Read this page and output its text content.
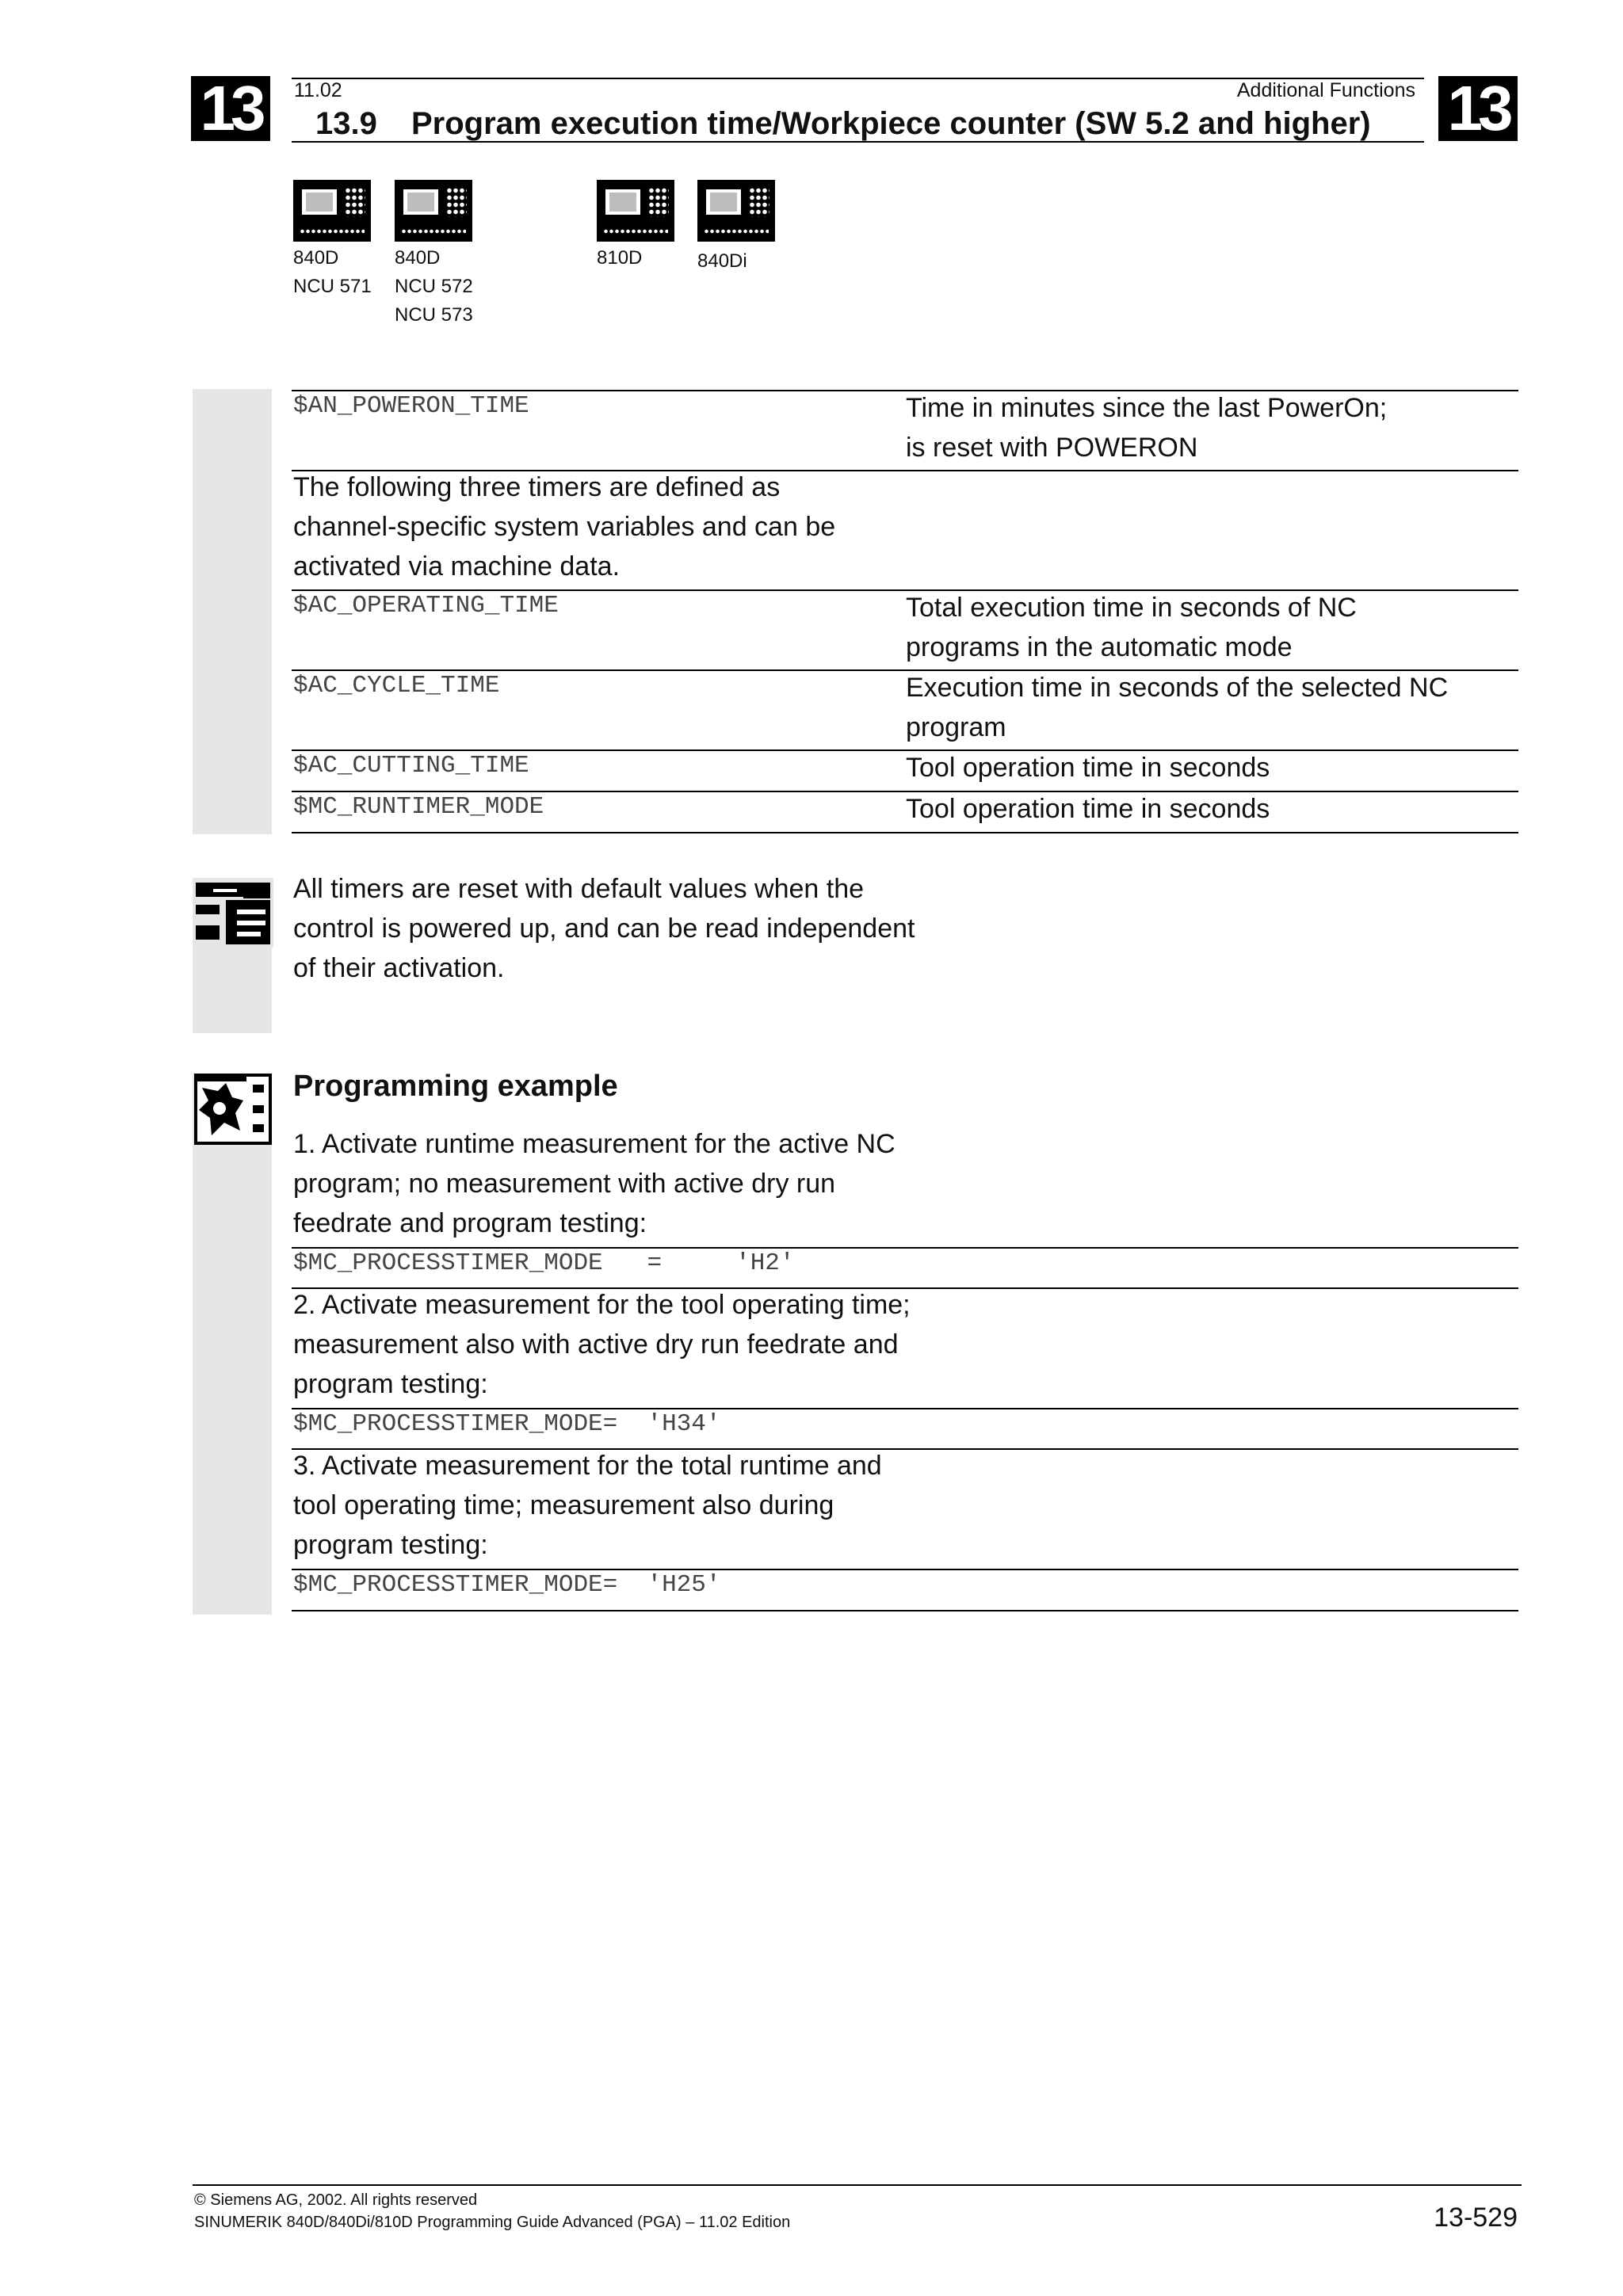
13	13
11.02	Additional Functions
13.9 Program execution time/Workpiece counter (SW 5.2 and higher)
840D
NCU 571
840D
NCU 572
NCU 573
810D	840Di
$AN_POWERON_TIME	Time in minutes since the last PowerOn;
is reset with POWERON
The following three timers are defined as
channel-specific system variables and can be
activated via machine data.
$AC_OPERATING_TIME	Total execution time in seconds of NC
programs in the automatic mode
$AC_CYCLE_TIME	Execution time in seconds of the selected NC
program
$AC_CUTTING_TIME	Tool operation time in seconds
$MC_RUNTIMER_MODE	Tool operation time in seconds
All timers are reset with default values when the
control is powered up, and can be read independent
of their activation.
Programming example
1. Activate runtime measurement for the active NC
program; no measurement with active dry run
feedrate and program testing:
$MC_PROCESSTIMER_MODE   =     'H2'
2. Activate measurement for the tool operating time;
measurement also with active dry run feedrate and
program testing:
$MC_PROCESSTIMER_MODE=  'H34'
3. Activate measurement for the total runtime and
tool operating time; measurement also during
program testing:
$MC_PROCESSTIMER_MODE=  'H25'
© Siemens AG, 2002. All rights reserved
SINUMERIK 840D/840Di/810D Programming Guide Advanced (PGA) – 11.02 Edition	13-529
